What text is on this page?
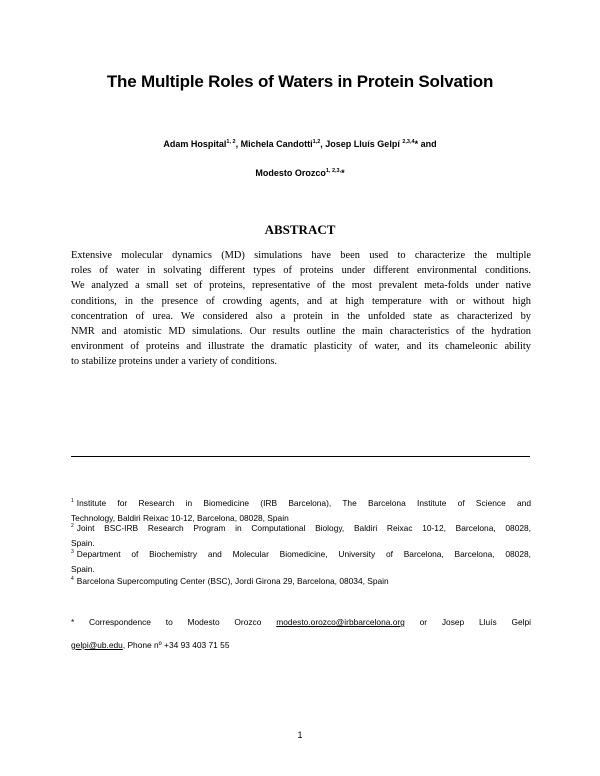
The Multiple Roles of Waters in Protein Solvation
Adam Hospital$^{1, 2}$, Michela Candotti$^{1,2}$, Josep Lluís Gelpí $^{2,3,4}$* and
Modesto Orozco$^{1, 2,3,}$*
ABSTRACT
Extensive molecular dynamics (MD) simulations have been used to characterize the multiple
roles of water in solvating different types of proteins under different environmental conditions.
We analyzed a small set of proteins, representative of the most prevalent meta-folds under native
conditions, in the presence of crowding agents, and at high temperature with or without high
concentration of urea. We considered also a protein in the unfolded state as characterized by
NMR and atomistic MD simulations. Our results outline the main characteristics of the hydration
environment of proteins and illustrate the dramatic plasticity of water, and its chameleonic ability
to stabilize proteins under a variety of conditions.
$^1$ Institute for Research in Biomedicine (IRB Barcelona), The Barcelona Institute of Science and
Technology, Baldiri Reixac 10-12, Barcelona, 08028, Spain
$^2$ Joint BSC-IRB Research Program in Computational Biology, Baldiri Reixac 10-12, Barcelona, 08028,
Spain.
$^3$ Department of Biochemistry and Molecular Biomedicine, University of Barcelona, Barcelona, 08028,
Spain.
$^4$ Barcelona Supercomputing Center (BSC), Jordi Girona 29, Barcelona, 08034, Spain
* Correspondence to Modesto Orozco modesto.orozco@irbbarcelona.org or Josep Lluís Gelpi
gelpi@ub.edu, Phone nº +34 93 403 71 55
1
